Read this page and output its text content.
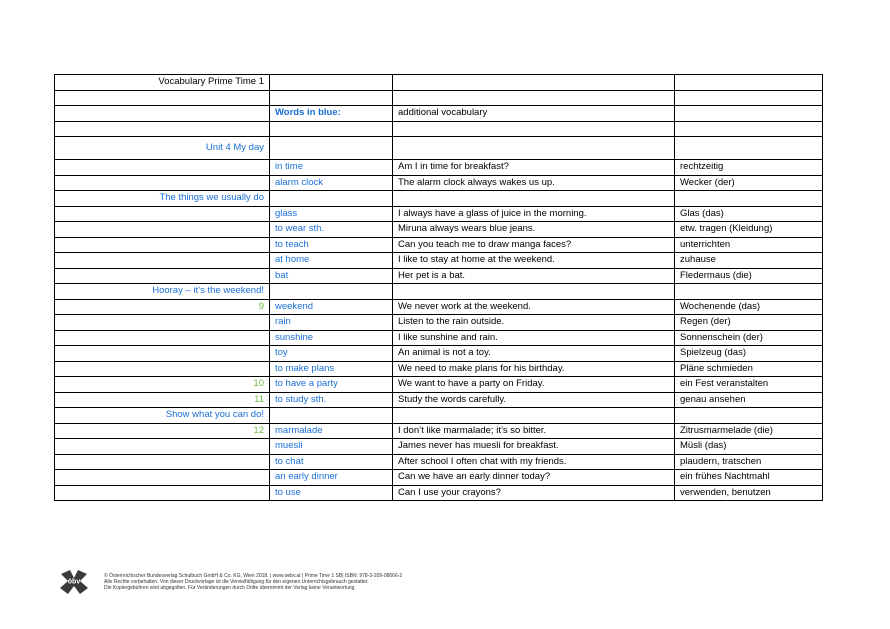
Vocabulary Prime Time 1			

	Words in blue:	additional vocabulary	

Unit 4 My day			
	in time	Am I in time for breakfast?	rechtzeitig
	alarm clock	The alarm clock always wakes us up.	Wecker (der)
The things we usually do			
	glass	I always have a glass of juice in the morning.	Glas (das)
	to wear sth.	Miruna always wears blue jeans.	etw. tragen (Kleidung)
	to teach	Can you teach me to draw manga faces?	unterrichten
	at home	I like to stay at home at the weekend.	zuhause
	bat	Her pet is a bat.	Fledermaus (die)
Hooray – it’s the weekend!			
9	weekend	We never work at the weekend.	Wochenende (das)
	rain	Listen to the rain outside.	Regen (der)
	sunshine	I like sunshine and rain.	Sonnenschein (der)
	toy	An animal is not a toy.	Spielzeug (das)
	to make plans	We need to make plans for his birthday.	Pläne schmieden
10	to have a party	We want to have a party on Friday.	ein Fest veranstalten
11	to study sth.	Study the words carefully.	genau ansehen
Show what you can do!			
12	marmalade	I don’t like marmalade; it’s so bitter.	Zitrusmarmelade (die)
	muesli	James never has muesli for breakfast.	Müsli (das)
	to chat	After school I often chat with my friends.	plaudern, tratschen
	an early dinner	Can we have an early dinner today?	ein frühes Nachtmahl
	to use	Can I use your crayons?	verwenden, benutzen
öbv
© Österreichischer Bundesverlag Schulbuch GmbH & Co. KG, Wien 2018. | www.oebv.at | Prime Time 1 SB| ISBN: 978-3-209-08666-2
Alle Rechte vorbehalten. Von dieser Druckvorlage ist die Vervielfältigung für den eigenen Unterrichtsgebrauch gestattet.
Die Kopiergebühren sind abgegolten. Für Veränderungen durch Dritte übernimmt der Verlag keine Verantwortung.
